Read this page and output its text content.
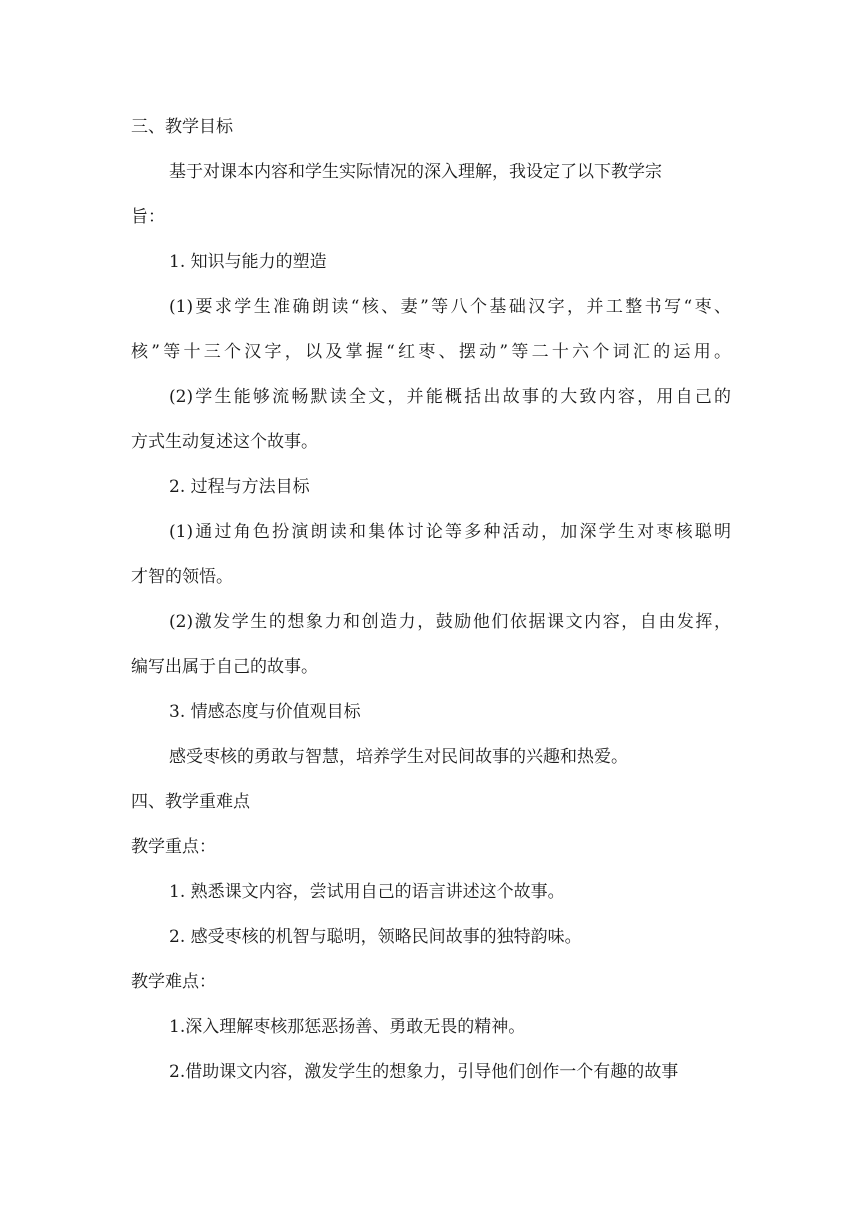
三、教学目标
基于对课本内容和学生实际情况的深入理解，我设定了以下教学宗
旨：
1. 知识与能力的塑造
(1)要求学生准确朗读“核、妻”等八个基础汉字，并工整书写“枣、
核”等十三个汉字，以及掌握“红枣、摆动”等二十六个词汇的运用。
(2)学生能够流畅默读全文，并能概括出故事的大致内容，用自己的
方式生动复述这个故事。
2. 过程与方法目标
(1)通过角色扮演朗读和集体讨论等多种活动，加深学生对枣核聪明
才智的领悟。
(2)激发学生的想象力和创造力，鼓励他们依据课文内容，自由发挥，
编写出属于自己的故事。
3. 情感态度与价值观目标
感受枣核的勇敢与智慧，培养学生对民间故事的兴趣和热爱。
四、教学重难点
教学重点：
1. 熟悉课文内容，尝试用自己的语言讲述这个故事。
2. 感受枣核的机智与聪明，领略民间故事的独特韵味。
教学难点：
1.深入理解枣核那惩恶扬善、勇敢无畏的精神。
2.借助课文内容，激发学生的想象力，引导他们创作一个有趣的故事
